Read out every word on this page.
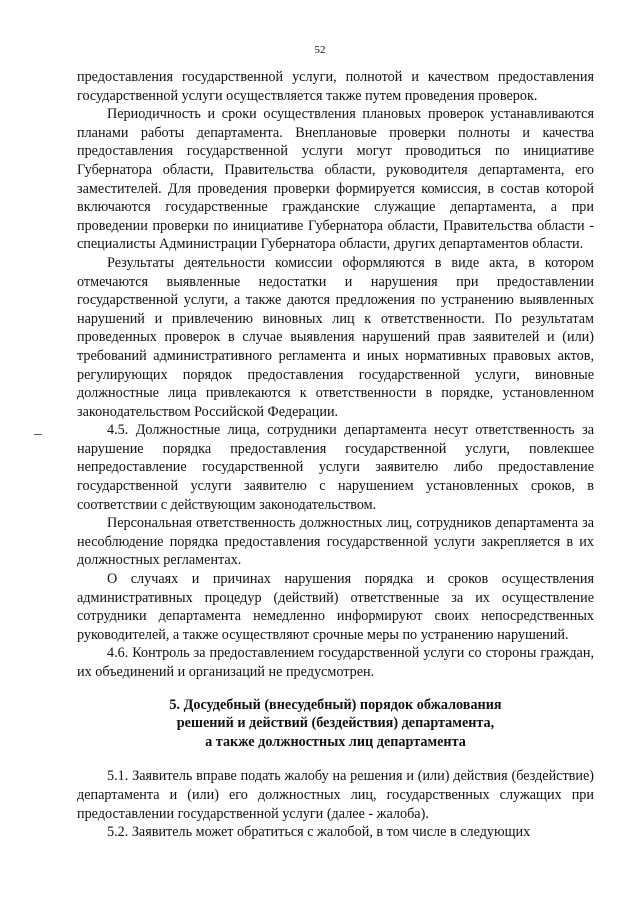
52

предоставления государственной услуги, полнотой и качеством предоставления государственной услуги осуществляется также путем проведения проверок.

Периодичность и сроки осуществления плановых проверок устанавливаются планами работы департамента. Внеплановые проверки полноты и качества предоставления государственной услуги могут проводиться по инициативе Губернатора области, Правительства области, руководителя департамента, его заместителей. Для проведения проверки формируется комиссия, в состав которой включаются государственные гражданские служащие департамента, а при проведении проверки по инициативе Губернатора области, Правительства области - специалисты Администрации Губернатора области, других департаментов области.

Результаты деятельности комиссии оформляются в виде акта, в котором отмечаются выявленные недостатки и нарушения при предоставлении государственной услуги, а также даются предложения по устранению выявленных нарушений и привлечению виновных лиц к ответственности. По результатам проведенных проверок в случае выявления нарушений прав заявителей и (или) требований административного регламента и иных нормативных правовых актов, регулирующих порядок предоставления государственной услуги, виновные должностные лица привлекаются к ответственности в порядке, установленном законодательством Российской Федерации.

4.5. Должностные лица, сотрудники департамента несут ответственность за нарушение порядка предоставления государственной услуги, повлекшее непредоставление государственной услуги заявителю либо предоставление государственной услуги заявителю с нарушением установленных сроков, в соответствии с действующим законодательством.

Персональная ответственность должностных лиц, сотрудников департамента за несоблюдение порядка предоставления государственной услуги закрепляется в их должностных регламентах.

О случаях и причинах нарушения порядка и сроков осуществления административных процедур (действий) ответственные за их осуществление сотрудники департамента немедленно информируют своих непосредственных руководителей, а также осуществляют срочные меры по устранению нарушений.

4.6. Контроль за предоставлением государственной услуги со стороны граждан, их объединений и организаций не предусмотрен.

5. Досудебный (внесудебный) порядок обжалования
решений и действий (бездействия) департамента,
а также должностных лиц департамента

5.1. Заявитель вправе подать жалобу на решения и (или) действия (бездействие) департамента и (или) его должностных лиц, государственных служащих при предоставлении государственной услуги (далее - жалоба).

5.2. Заявитель может обратиться с жалобой, в том числе в следующих
